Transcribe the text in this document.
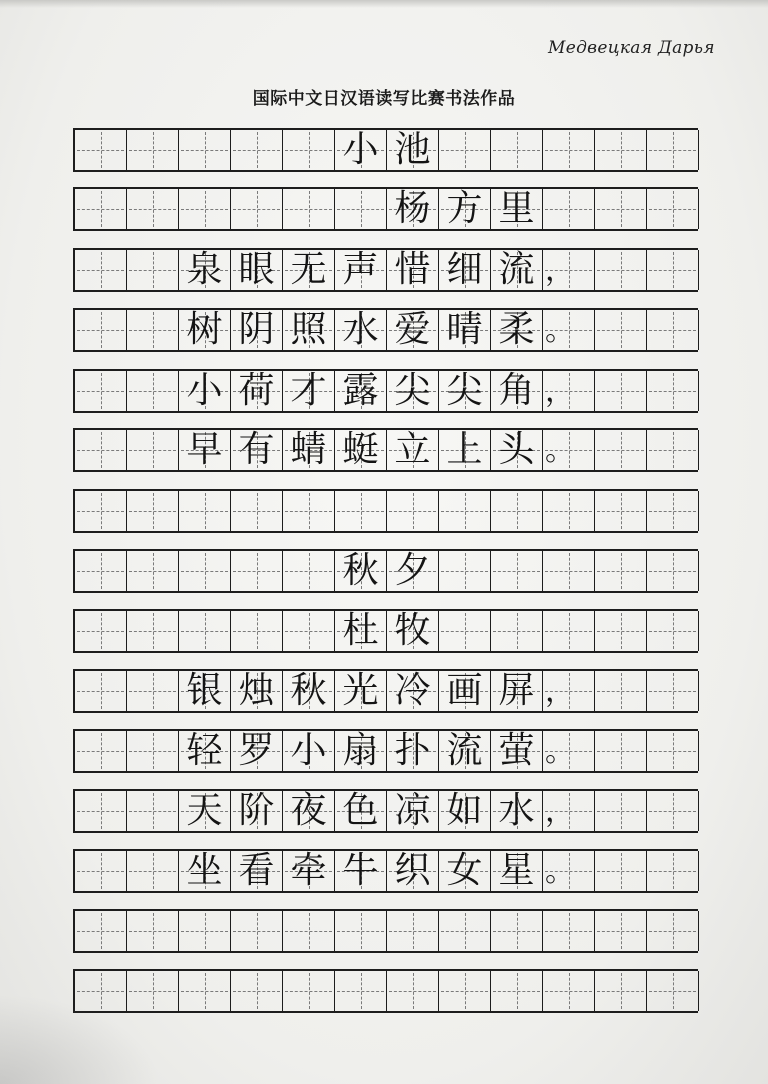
Медвецкая Дарья
国际中文日汉语读写比赛书法作品
小 池
杨 方 里
泉 眼 无 声 惜 细 流 ，
树 阴 照 水 爱 晴 柔 。
小 荷 才 露 尖 尖 角 ，
早 有 蜻 蜓 立 上 头 。
秋 夕
杜 牧
银 烛 秋 光 冷 画 屏 ，
轻 罗 小 扇 扑 流 萤 。
天 阶 夜 色 凉 如 水 ，
坐 看 牵 牛 织 女 星 。
